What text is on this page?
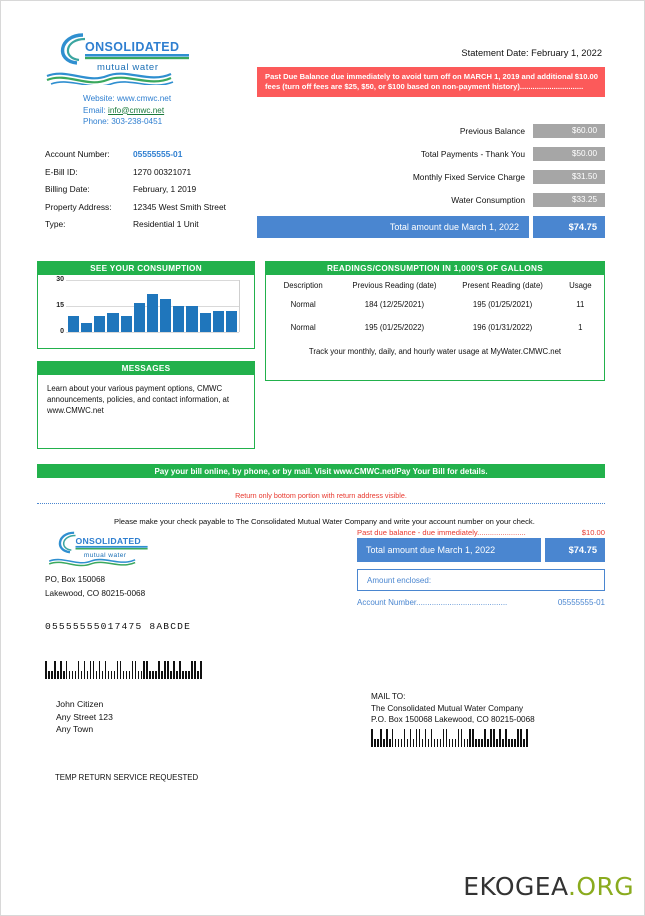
ONSOLIDATED
mutual water
Website: www.cmwc.net
Email: info@cmwc.net
Phone: 303-238-0451
Statement Date: February 1, 2022
$10.00
Past Due Balance due immediately to avoid turn off on MARCH 1, 2019 and additional fees (turn off fees are $25, $50, or $100 based on non-payment history)..............................
Previous Balance	$60.00
Total Payments - Thank You	$50.00
Monthly Fixed Service Charge	$31.50
Water Consumption	$33.25
Total amount due March 1, 2022	$74.75
Account Number:	05555555-01
E-Bill ID:	1270 00321071
Billing Date:	February, 1 2019
Property Address:	12345 West Smith Street
Type:	Residential 1 Unit
SEE YOUR CONSUMPTION
0
15
30
READINGS/CONSUMPTION IN 1,000'S OF GALLONS
Description	Previous Reading (date)	Present Reading (date)	Usage
Normal	184 (12/25/2021)	195 (01/25/2021)	11
Normal	195 (01/25/2022)	196 (01/31/2022)	1
Track your monthly, daily, and hourly water usage at MyWater.CMWC.net
MESSAGES
Learn about your various payment options, CMWC announcements, policies, and contact information, at www.CMWC.net
Pay your bill online, by phone, or by mail. Visit www.CMWC.net/Pay Your Bill for details.
Return only bottom portion with return address visible.
Please make your check payable to The Consolidated Mutual Water Company and write your account number on your check.
ONSOLIDATED
mutual water
PO, Box 150068
Lakewood, CO 80215-0068
$10.00
Past due balance - due immediately.......................
Total amount due March 1, 2022	$74.75
Amount enclosed:
05555555-01
Account Number.........................................
05555555017475 8ABCDE
John Citizen
Any Street 123
Any Town
MAIL TO:
The Consolidated Mutual Water Company
P.O. Box 150068 Lakewood, CO 80215-0068
TEMP RETURN SERVICE REQUESTED
EKOGEA.ORG
